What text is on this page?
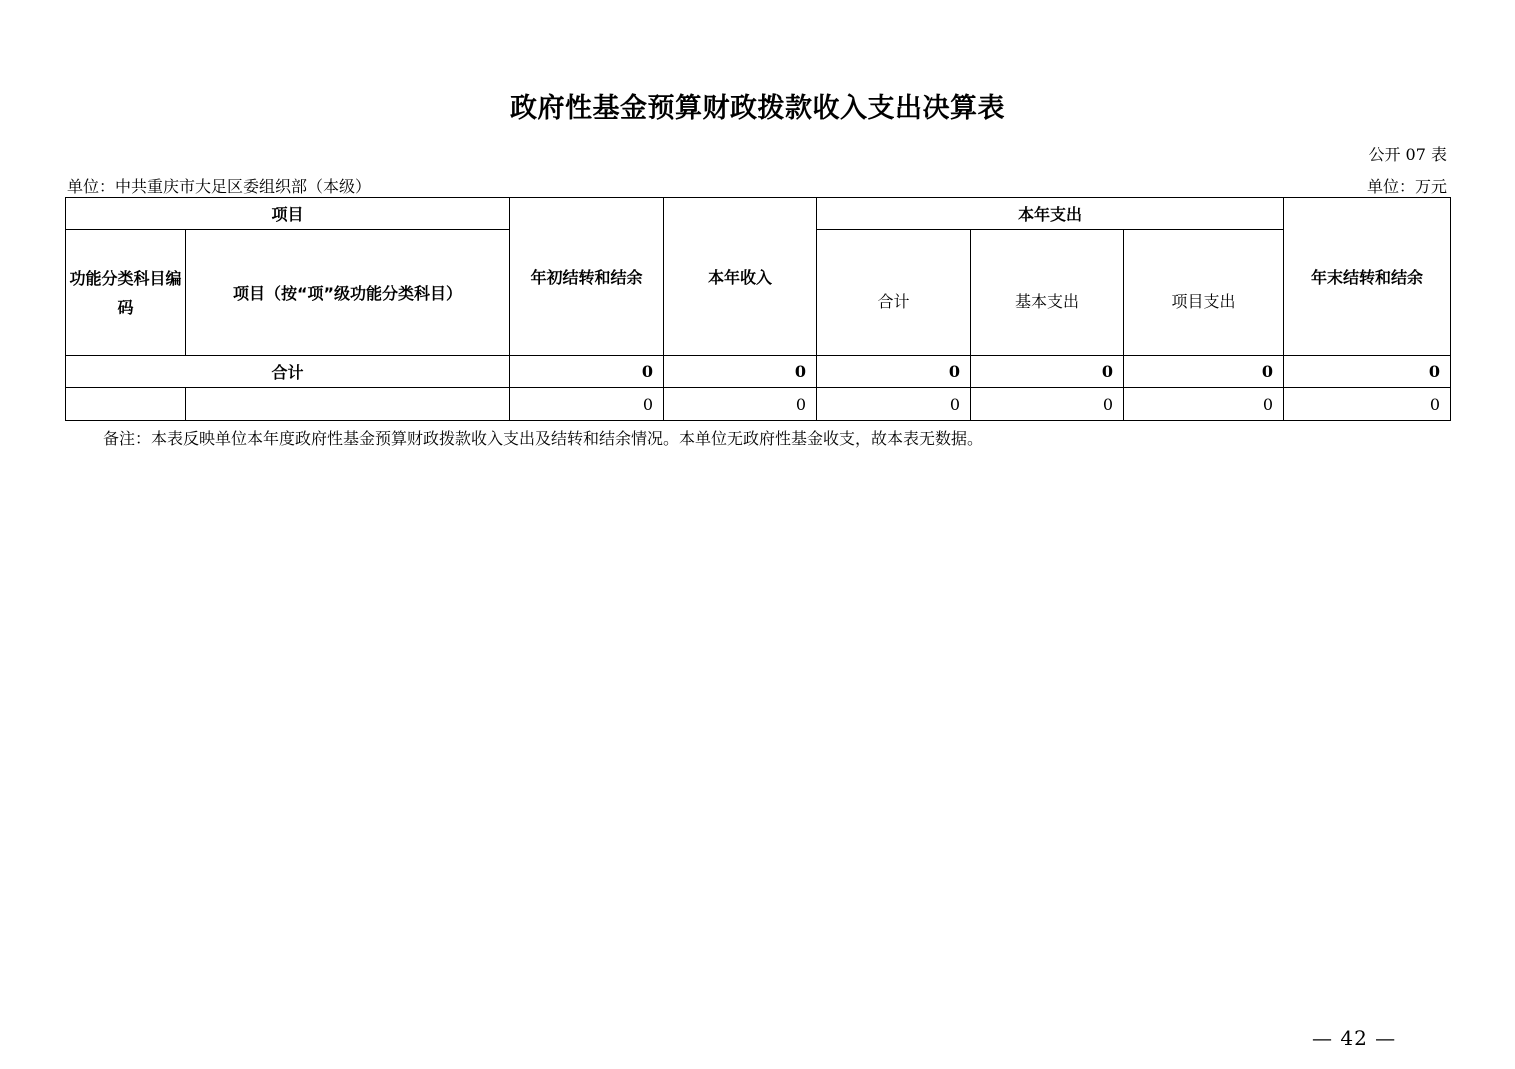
政府性基金预算财政拨款收入支出决算表
公开 07 表
单位：中共重庆市大足区委组织部（本级）	单位：万元
项目		年初结转和结余	本年收入	本年支出			年末结转和结余
功能分类科目编码	项目（按“项”级功能分类科目）			合计	基本支出	项目支出	
合计		0	0	0	0	0	0
		0	0	0	0	0	0
备注：本表反映单位本年度政府性基金预算财政拨款收入支出及结转和结余情况。本单位无政府性基金收支，故本表无数据。
— 42 —
